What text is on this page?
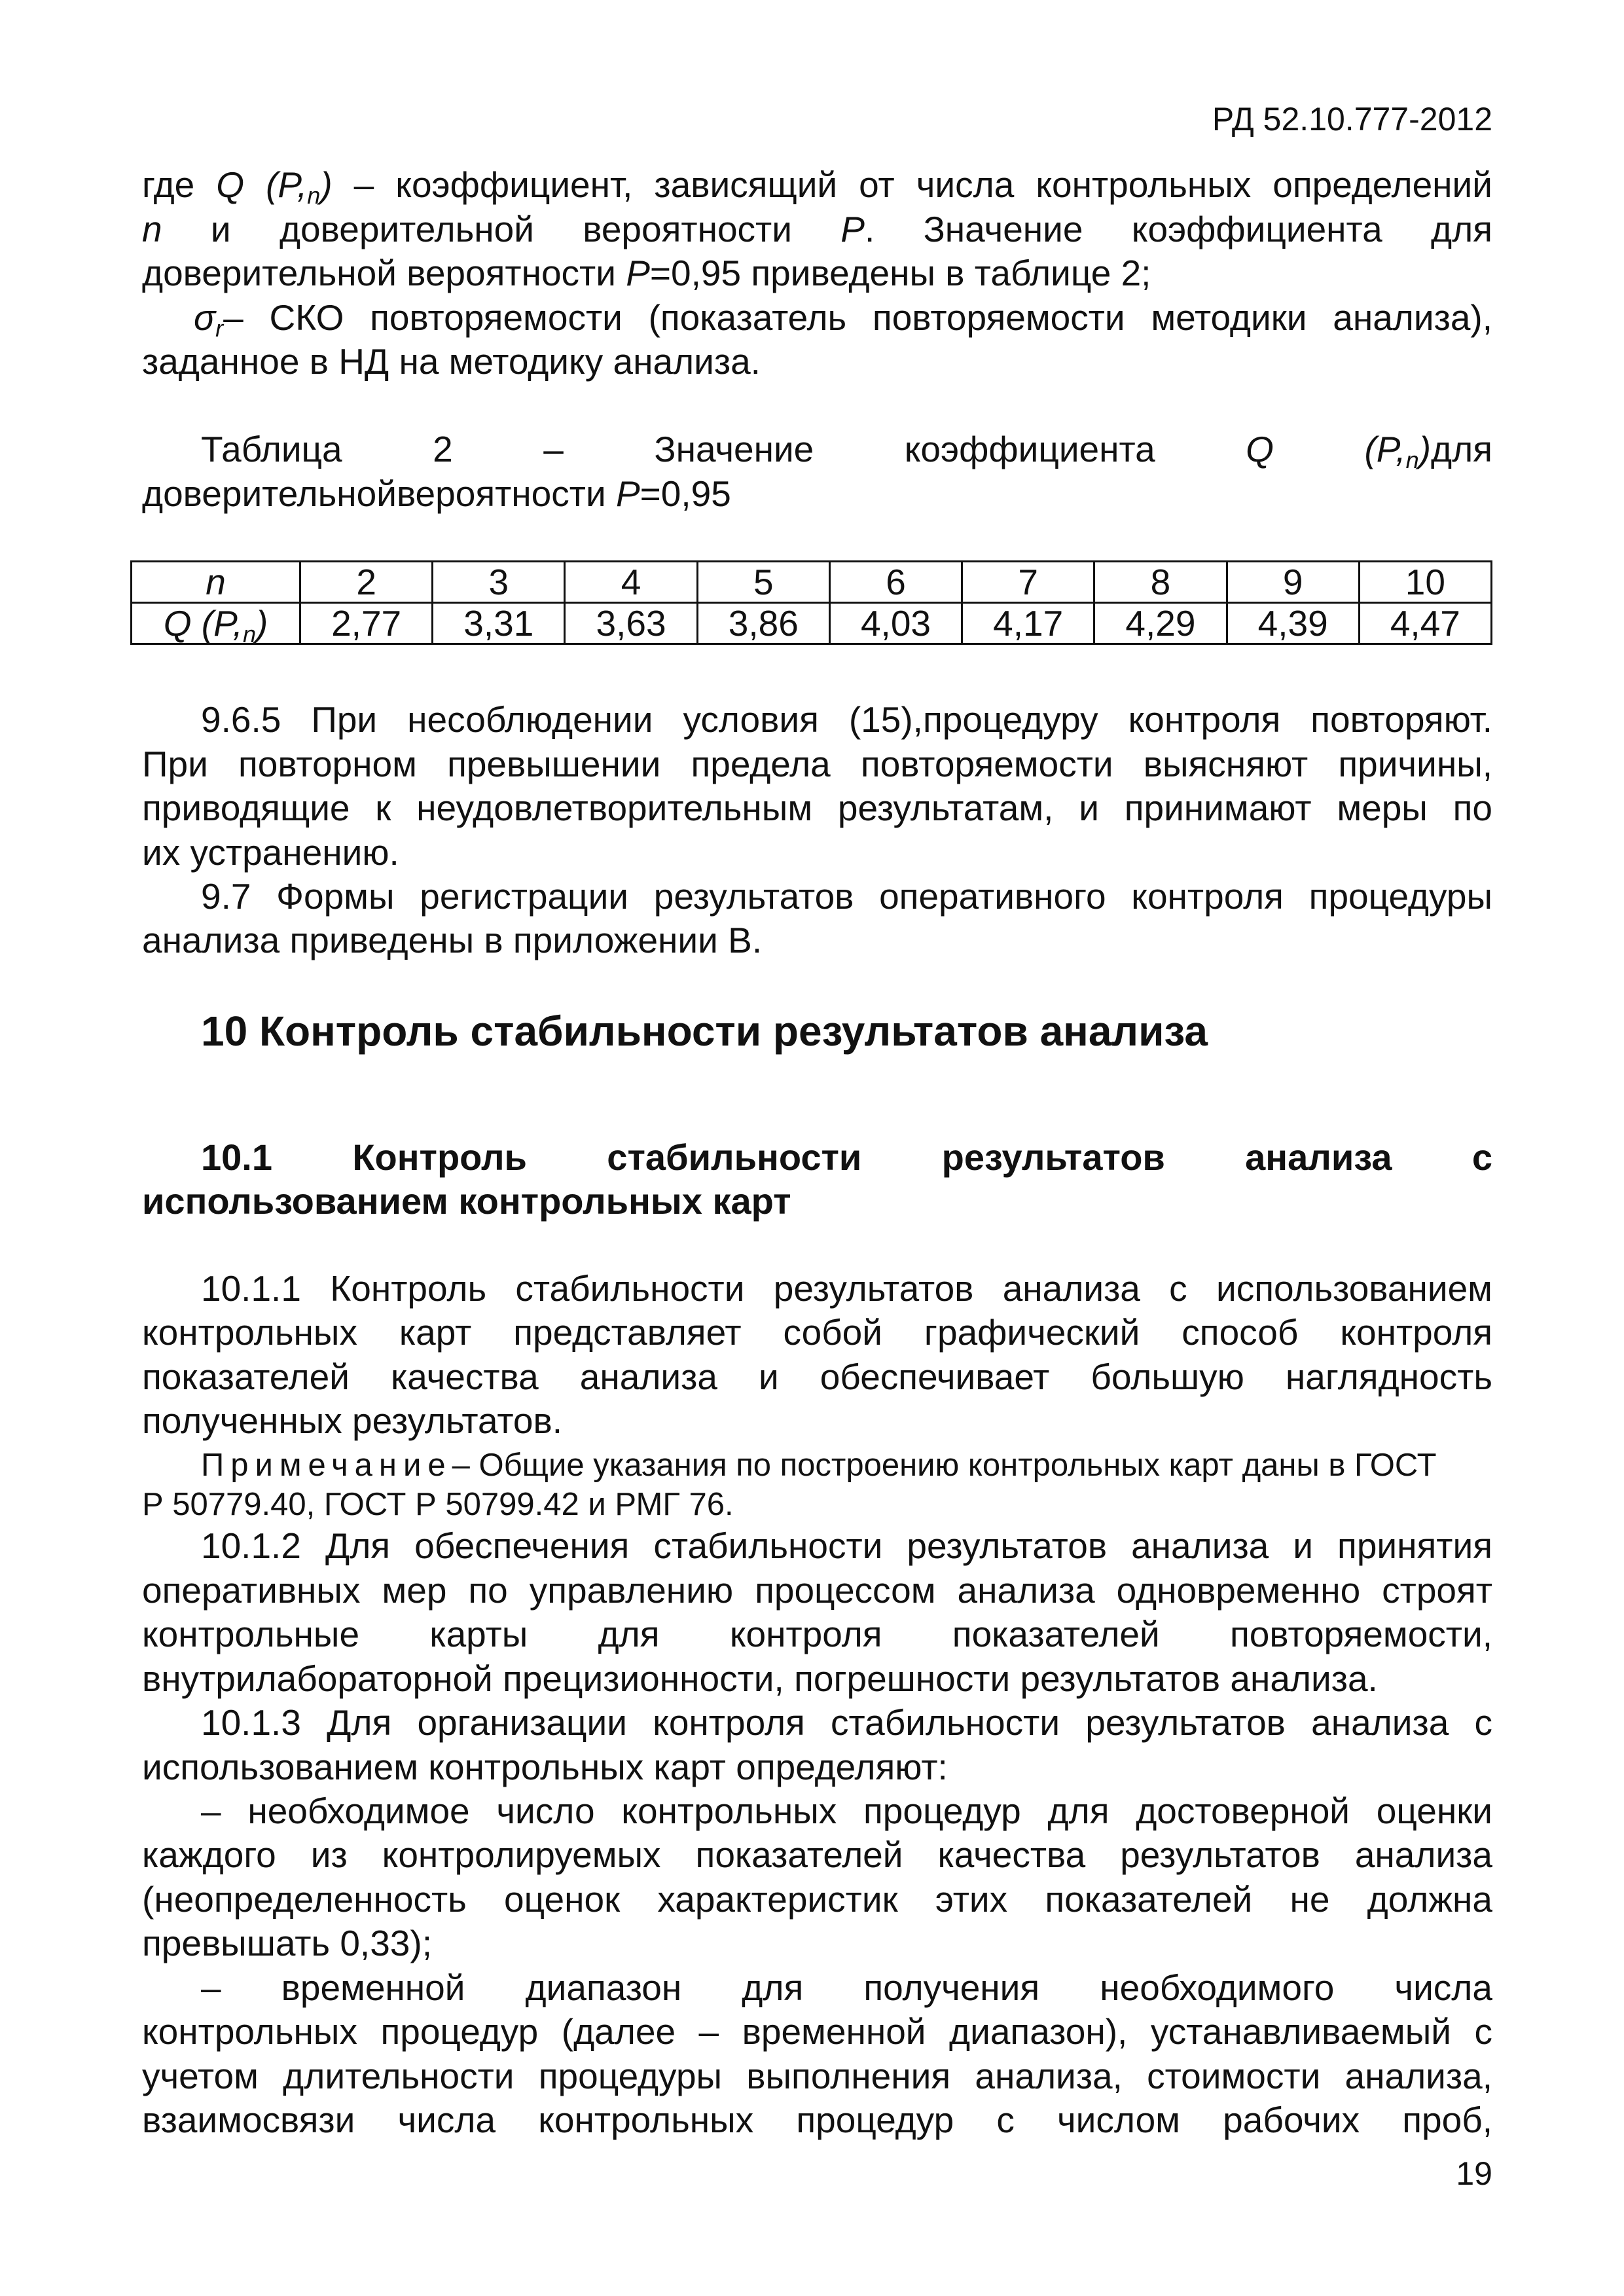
РД 52.10.777-2012
где Q $(P,_n)$ – коэффициент, зависящий от числа контрольных определений
n и доверительной вероятности P. Значение коэффициента для
доверительной вероятности P=0,95 приведены в таблице 2;
$\sigma_r-$ СКО повторяемости (показатель повторяемости методики анализа),
заданное в НД на методику анализа.
Таблица 2 – Значение коэффициента Q	$(P,_n)для$
доверительнойвероятности P=0,95
n	2	3	4	5	6	7	8	9	10
Q $(P,_n)$	2,77	3,31	3,63	3,86	4,03	4,17	4,29	4,39	4,47
9.6.5 При несоблюдении условия (15),процедуру контроля повторяют.
При повторном превышении предела повторяемости выясняют причины,
приводящие к неудовлетворительным результатам, и принимают меры по
их устранению.
9.7 Формы регистрации результатов оперативного контроля процедуры
анализа приведены в приложении В.
10 Контроль стабильности результатов анализа
10.1 Контроль стабильности результатов анализа с
использованием контрольных карт
10.1.1 Контроль стабильности результатов анализа с использованием
контрольных карт представляет собой графический способ контроля
показателей качества анализа и обеспечивает большую наглядность
полученных результатов.
Примечание– Общие указания по построению контрольных карт даны в ГОСТ
Р 50779.40, ГОСТ Р 50799.42 и РМГ 76.
10.1.2 Для обеспечения стабильности результатов анализа и принятия
оперативных мер по управлению процессом анализа одновременно строят
контрольные карты для контроля показателей повторяемости,
внутрилабораторной прецизионности, погрешности результатов анализа.
10.1.3 Для организации контроля стабильности результатов анализа с
использованием контрольных карт определяют:
– необходимое число контрольных процедур для достоверной оценки
каждого из контролируемых показателей качества результатов анализа
(неопределенность оценок характеристик этих показателей не должна
превышать 0,33);
– временной диапазон для получения необходимого числа
контрольных процедур (далее – временной диапазон), устанавливаемый с
учетом длительности процедуры выполнения анализа, стоимости анализа,
взаимосвязи числа контрольных процедур с числом рабочих проб,
19
